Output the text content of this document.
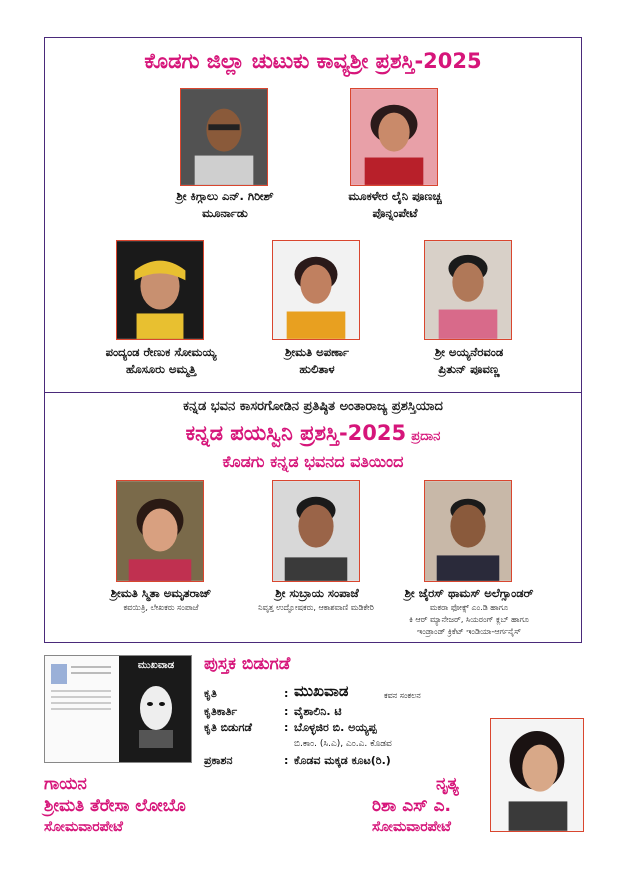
ಕೊಡಗು ಜಿಲ್ಲಾ ಚುಟುಕು ಕಾವ್ಯಶ್ರೀ ಪ್ರಶಸ್ತಿ-2025
ಶ್ರೀ ಕಿಗ್ಗಾಲು ಎನ್. ಗಿರೀಶ್
ಮೂರ್ನಾಡು
ಮೂಕಳೇರ ಲೈನಿ ಪೂಣಚ್ಚ
ಪೊನ್ನಂಪೇಟೆ
ಪಂದ್ಯಂಡ ರೇಣುಕ ಸೋಮಯ್ಯ
ಹೊಸೂರು ಅಮ್ಮತ್ತಿ
ಶ್ರೀಮತಿ ಅಪರ್ಣಾ
ಹುಲಿತಾಳ
ಶ್ರೀ ಅಯ್ಯನೆರವಂಡ
ಪ್ರಿತುನ್ ಪೂವಣ್ಣ
ಕನ್ನಡ ಭವನ ಕಾಸರಗೋಡಿನ ಪ್ರತಿಷ್ಠಿತ ಅಂತಾರಾಜ್ಯ ಪ್ರಶಸ್ತಿಯಾದ
ಕನ್ನಡ ಪಯಸ್ವಿನಿ ಪ್ರಶಸ್ತಿ-2025 ಪ್ರದಾನ
ಕೊಡಗು ಕನ್ನಡ ಭವನದ ವತಿಯಿಂದ
ಶ್ರೀಮತಿ ಸ್ಮಿತಾ ಅಮೃತರಾಜ್
ಕವಯಿತ್ರಿ, ಲೇಖಕರು ಸಂಪಾಜೆ
ಶ್ರೀ ಸುಬ್ರಾಯ ಸಂಪಾಜೆ
ನಿವೃತ್ತ ಉದ್ಘೋಷಕರು, ಆಕಾಶವಾಣಿ ಮಡಿಕೇರಿ
ಶ್ರೀ ಜೈರಸ್ ಥಾಮಸ್ ಅಲೆಗ್ಸಾಂಡರ್
ಮಕರಾ ಫೋಕ್ಸ್ ಎಂ.ಡಿ ಹಾಗೂ
ಕಿ ಆರ್ ಮ್ಯಾನೇಜರ್, ಸಿಯರಂಗ್ ಕ್ಲಬ್ ಹಾಗೂ
ಇಂಡ್ರಾಂಡ್ ಕ್ರಿಕೆಟ್ ಇಂಡಿಯಾ-ಆರ್ಗನೈಸ್
ಮುಖವಾಡ	ಪುಸ್ತಕ ಬಿಡುಗಡೆ
ಕೃತಿ	: ಮುಖವಾಡ	ಕವನ ಸಂಕಲನ
ಕೃತಿಕಾರ್ತಿ	: ವೈಶಾಲಿನಿ. ಟಿ
ಕೃತಿ ಬಿಡುಗಡೆ	: ಬೊಳ್ಳಜಿರ ಬಿ. ಅಯ್ಯಪ್ಪ
ಬಿ.ಕಾಂ. (ಸಿ.ಎ), ಎಂ.ಎ. ಕೊಡವ
ಪ್ರಕಾಶನ	: ಕೊಡವ ಮಕ್ಕಡ ಕೂಟ(ರಿ.)
ಗಾಯನ
ಶ್ರೀಮತಿ ತೆರೇಸಾ ಲೋಬೊ
ಸೋಮವಾರಪೇಟೆ
ನೃತ್ಯ
ರಿಶಾ ಎಸ್ ಎ.
ಸೋಮವಾರಪೇಟೆ
